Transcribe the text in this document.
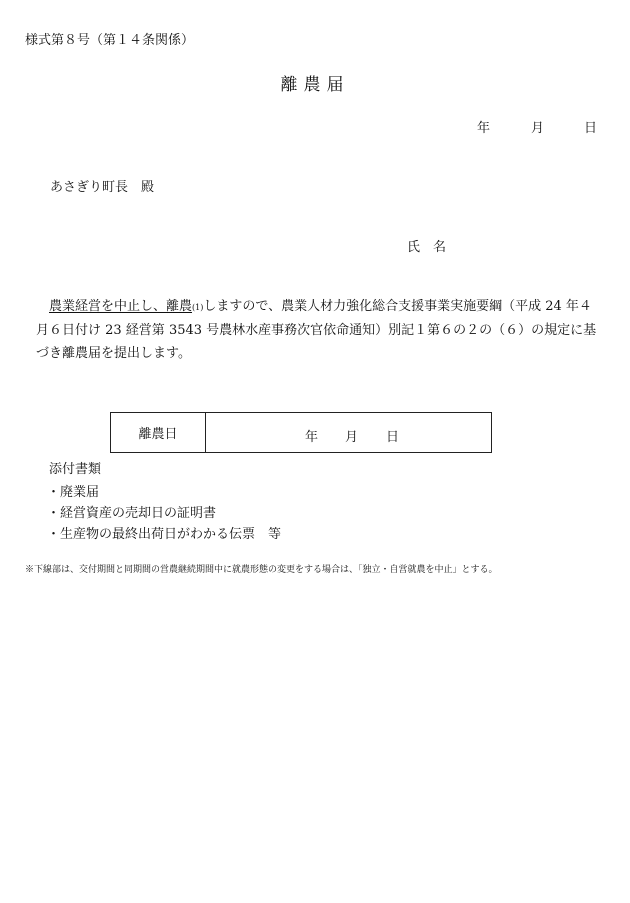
様式第８号（第１４条関係）
離農届
年	月	日
あさぎり町長　殿
氏　名
農業経営を中止し、離農(1)しますので、農業人材力強化総合支援事業実施要綱（平成 24 年４月６日付け 23 経営第 3543 号農林水産事務次官依命通知）別記１第６の２の（６）の規定に基づき離農届を提出します。
離農日	年 月 日
添付書類
・廃業届
・経営資産の売却日の証明書
・生産物の最終出荷日がわかる伝票　等
※下線部は、交付期間と同期間の営農継続期間中に就農形態の変更をする場合は、「独立・自営就農を中止」とする。
